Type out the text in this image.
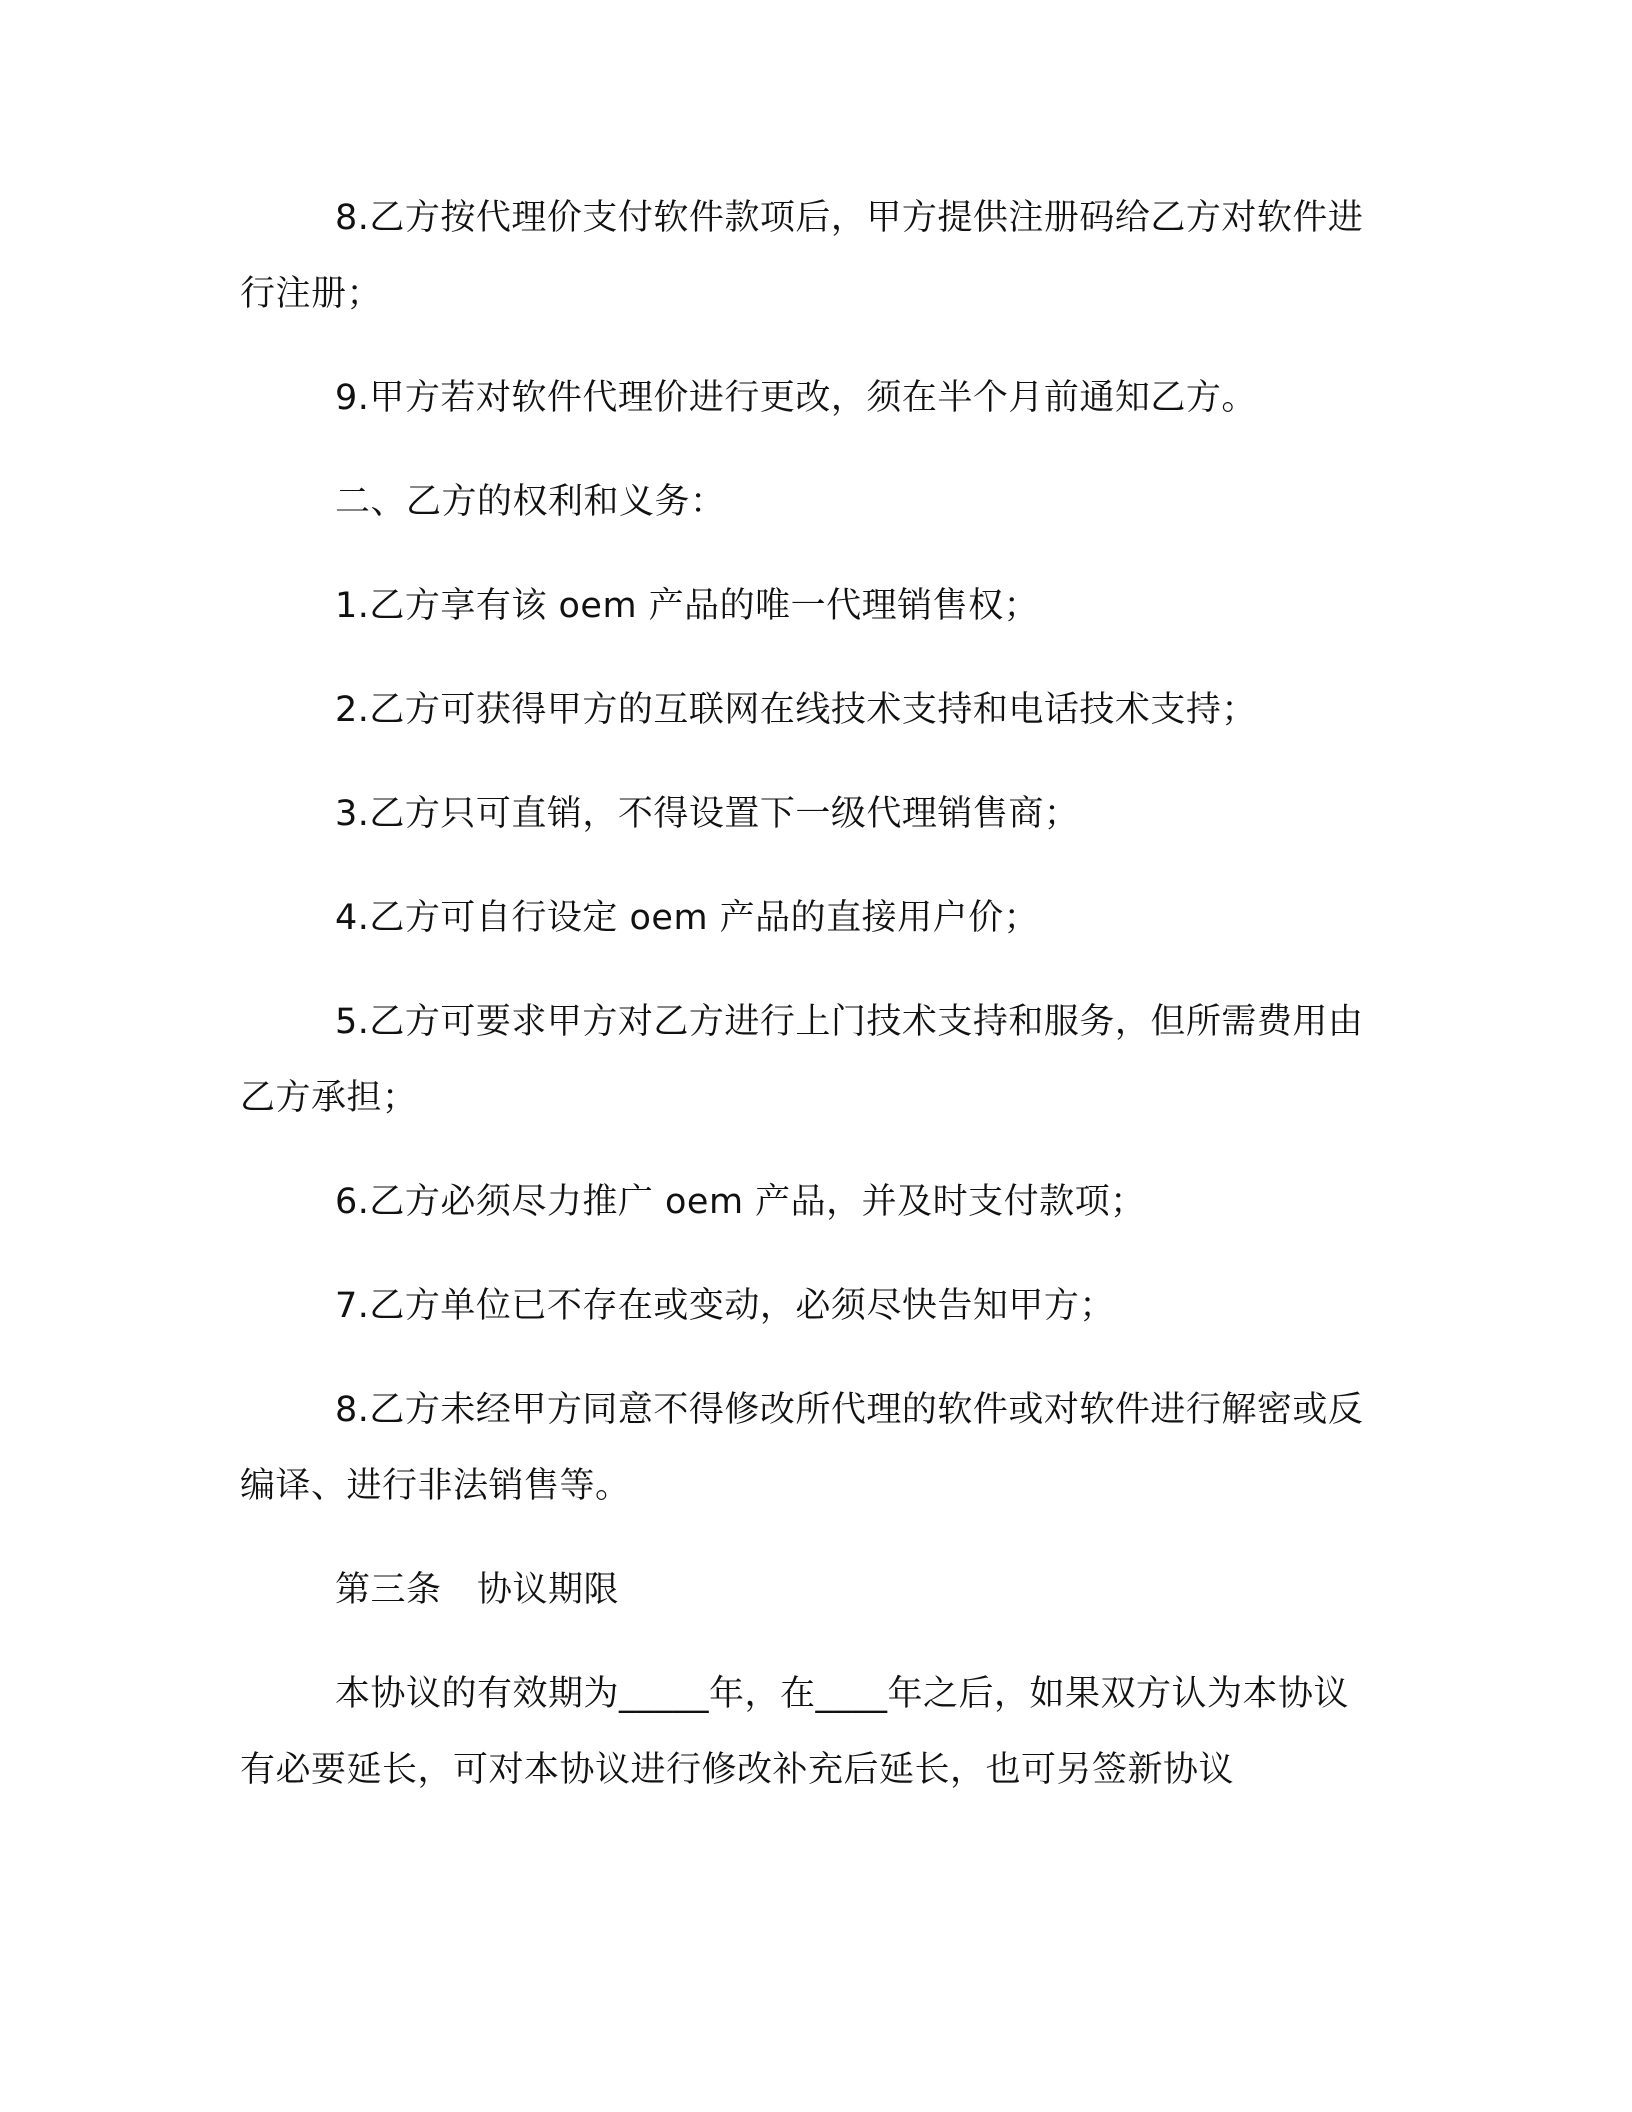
8.乙方按代理价支付软件款项后，甲方提供注册码给乙方对软件进行注册；

9.甲方若对软件代理价进行更改，须在半个月前通知乙方。

二、乙方的权利和义务：

1.乙方享有该 oem 产品的唯一代理销售权；

2.乙方可获得甲方的互联网在线技术支持和电话技术支持；

3.乙方只可直销，不得设置下一级代理销售商；

4.乙方可自行设定 oem 产品的直接用户价；

5.乙方可要求甲方对乙方进行上门技术支持和服务，但所需费用由乙方承担；

6.乙方必须尽力推广 oem 产品，并及时支付款项；

7.乙方单位已不存在或变动，必须尽快告知甲方；

8.乙方未经甲方同意不得修改所代理的软件或对软件进行解密或反编译、进行非法销售等。

第三条　协议期限

本协议的有效期为_____年，在____年之后，如果双方认为本协议有必要延长，可对本协议进行修改补充后延长，也可另签新协议
